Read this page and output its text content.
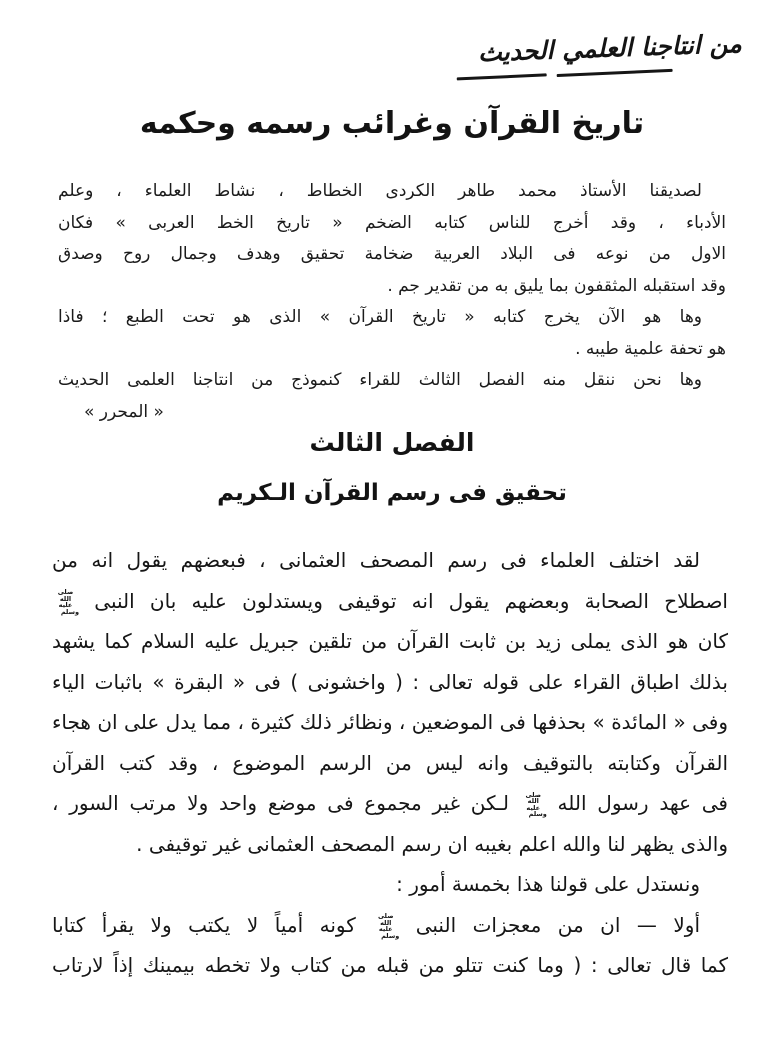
من انتاجنا العلمي الحديث
تاريخ القرآن وغرائب رسمه وحكمه
لصديقنا الأستاذ محمد طاهر الكردى الخطاط ، نشاط العلماء ، وعلم
الأدباء ، وقد أخرج للناس كتابه الضخم « تاريخ الخط العربى » فكان
الاول من نوعه فى البلاد العربية ضخامة تحقيق وهدف وجمال روح وصدق
وقد استقبله المثقفون بما يليق به من تقدير جم .
وها هو الآن يخرج كتابه « تاريخ القرآن » الذى هو تحت الطبع ؛ فاذا
هو تحفة علمية طيبه .
وها نحن ننقل منه الفصل الثالث للقراء كنموذج من انتاجنا العلمى الحديث
« المحرر »
الفصل الثالث
تحقيق فى رسم القرآن الـكريم
لقد اختلف العلماء فى رسم المصحف العثمانى ، فبعضهم يقول انه من
اصطلاح الصحابة وبعضهم يقول انه توقيفى ويستدلون عليه بان النبى صلى الله عليه وسلم
كان هو الذى يملى زيد بن ثابت القرآن من تلقين جبريل عليه السلام كما يشهد
بذلك اطباق القراء على قوله تعالى : ( واخشونى ) فى « البقرة » باثبات الياء
وفى « المائدة » بحذفها فى الموضعين ، ونظائر ذلك كثيرة ، مما يدل على ان هجاء
القرآن وكتابته بالتوقيف وانه ليس من الرسم الموضوع ، وقد كتب القرآن
فى عهد رسول الله صلى الله عليه وسلم لـكن غير مجموع فى موضع واحد ولا مرتب السور ،
والذى يظهر لنا والله اعلم بغيبه ان رسم المصحف العثمانى غير توقيفى .
ونستدل على قولنا هذا بخمسة أمور :
أولا — ان من معجزات النبى صلى الله عليه وسلم كونه أمياً لا يكتب ولا يقرأ كتابا
كما قال تعالى : ( وما كنت تتلو من قبله من كتاب ولا تخطه بيمينك إذاً لارتاب
